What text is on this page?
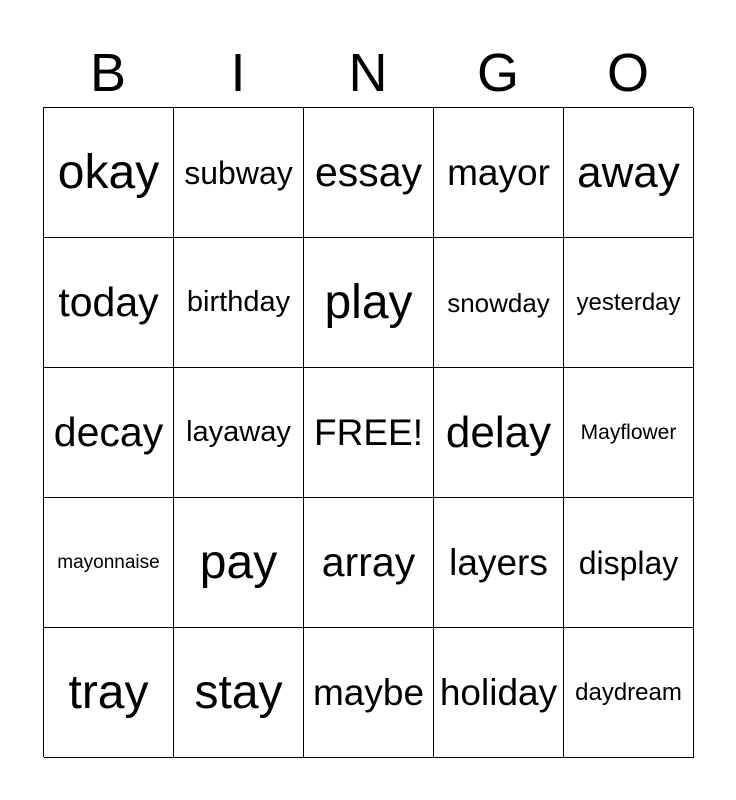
B	I	N	G	O
okay subway essay mayor away
today birthday play snowday yesterday
decay layaway FREE! delay Mayflower
mayonnaise pay array layers display
tray stay maybe holiday daydream
